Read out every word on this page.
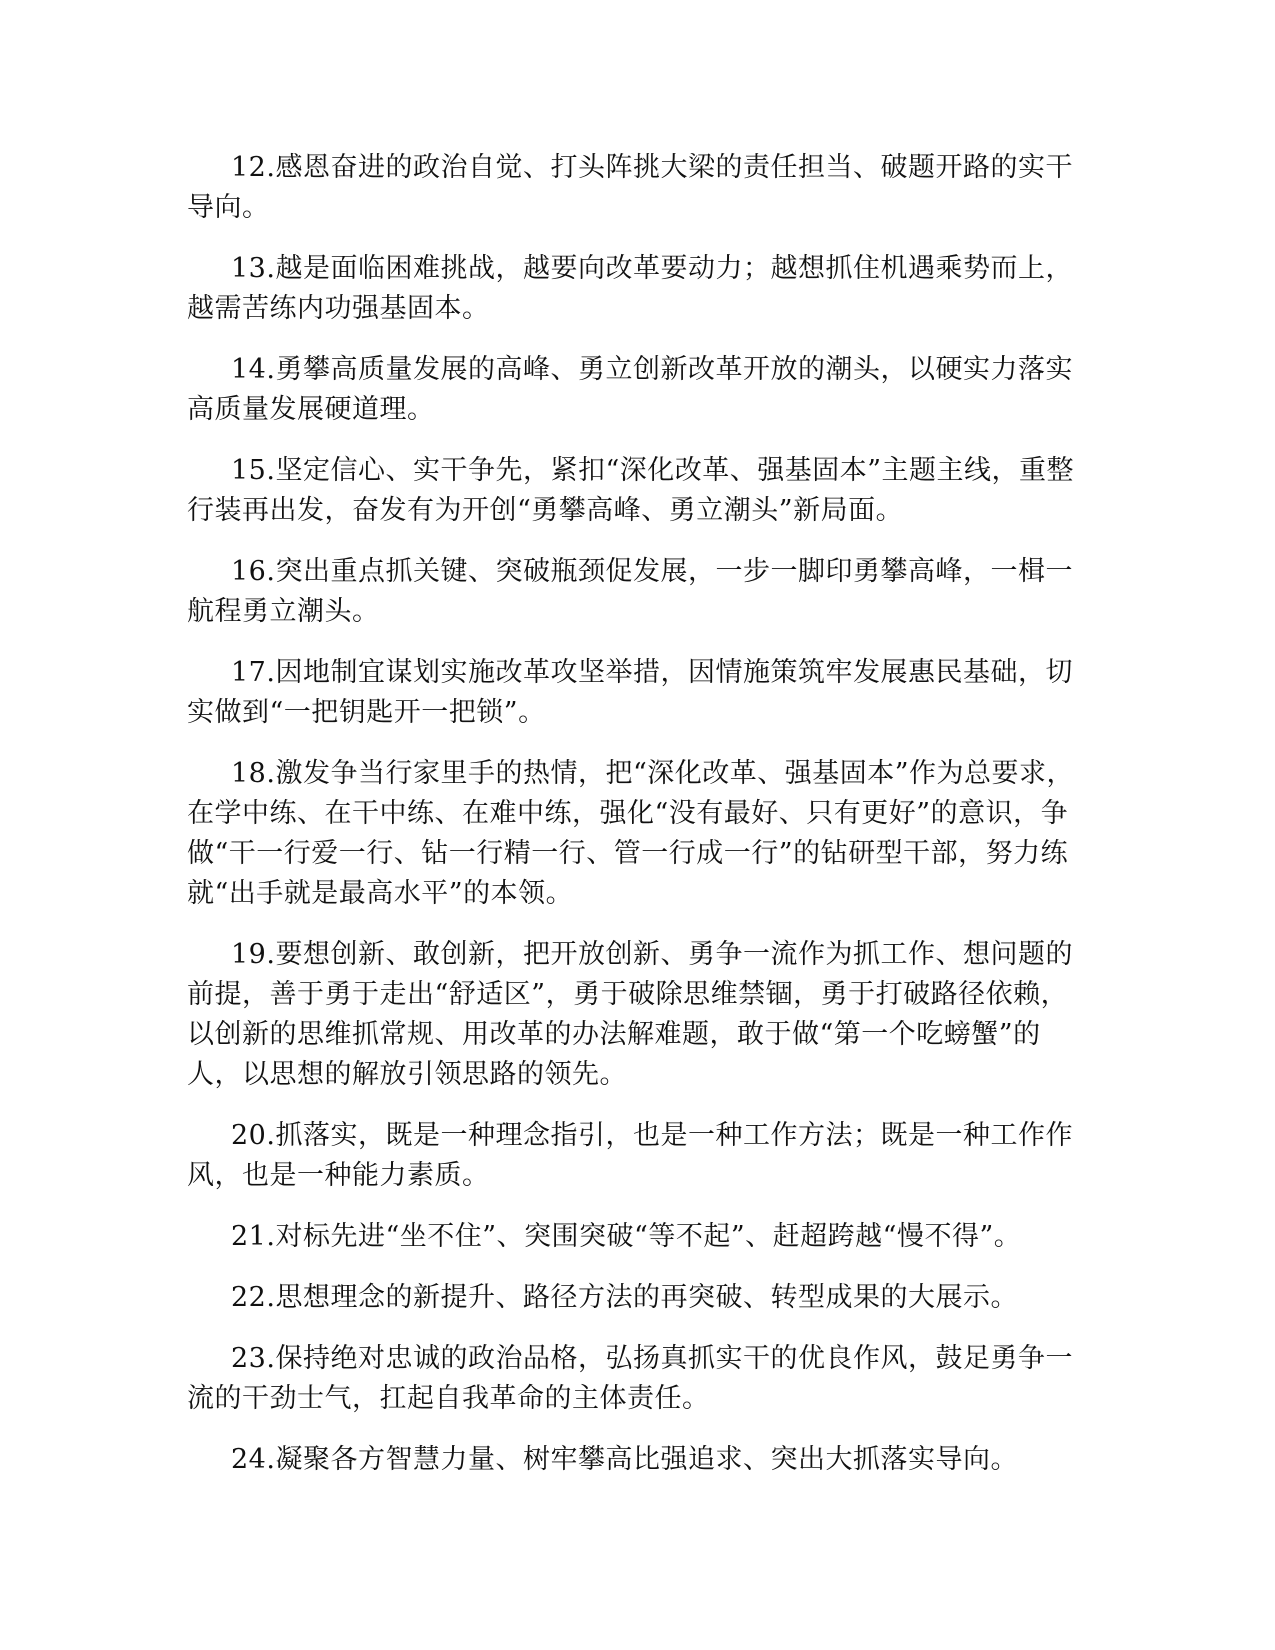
12.感恩奋进的政治自觉、打头阵挑大梁的责任担当、破题开路的实干导向。

13.越是面临困难挑战，越要向改革要动力；越想抓住机遇乘势而上，越需苦练内功强基固本。

14.勇攀高质量发展的高峰、勇立创新改革开放的潮头，以硬实力落实高质量发展硬道理。

15.坚定信心、实干争先，紧扣“深化改革、强基固本”主题主线，重整行装再出发，奋发有为开创“勇攀高峰、勇立潮头”新局面。

16.突出重点抓关键、突破瓶颈促发展，一步一脚印勇攀高峰，一楫一航程勇立潮头。

17.因地制宜谋划实施改革攻坚举措，因情施策筑牢发展惠民基础，切实做到“一把钥匙开一把锁”。

18.激发争当行家里手的热情，把“深化改革、强基固本”作为总要求，在学中练、在干中练、在难中练，强化“没有最好、只有更好”的意识，争做“干一行爱一行、钻一行精一行、管一行成一行”的钻研型干部，努力练就“出手就是最高水平”的本领。

19.要想创新、敢创新，把开放创新、勇争一流作为抓工作、想问题的前提，善于勇于走出“舒适区”，勇于破除思维禁锢，勇于打破路径依赖，以创新的思维抓常规、用改革的办法解难题，敢于做“第一个吃螃蟹”的人，以思想的解放引领思路的领先。

20.抓落实，既是一种理念指引，也是一种工作方法；既是一种工作作风，也是一种能力素质。

21.对标先进“坐不住”、突围突破“等不起”、赶超跨越“慢不得”。

22.思想理念的新提升、路径方法的再突破、转型成果的大展示。

23.保持绝对忠诚的政治品格，弘扬真抓实干的优良作风，鼓足勇争一流的干劲士气，扛起自我革命的主体责任。

24.凝聚各方智慧力量、树牢攀高比强追求、突出大抓落实导向。
